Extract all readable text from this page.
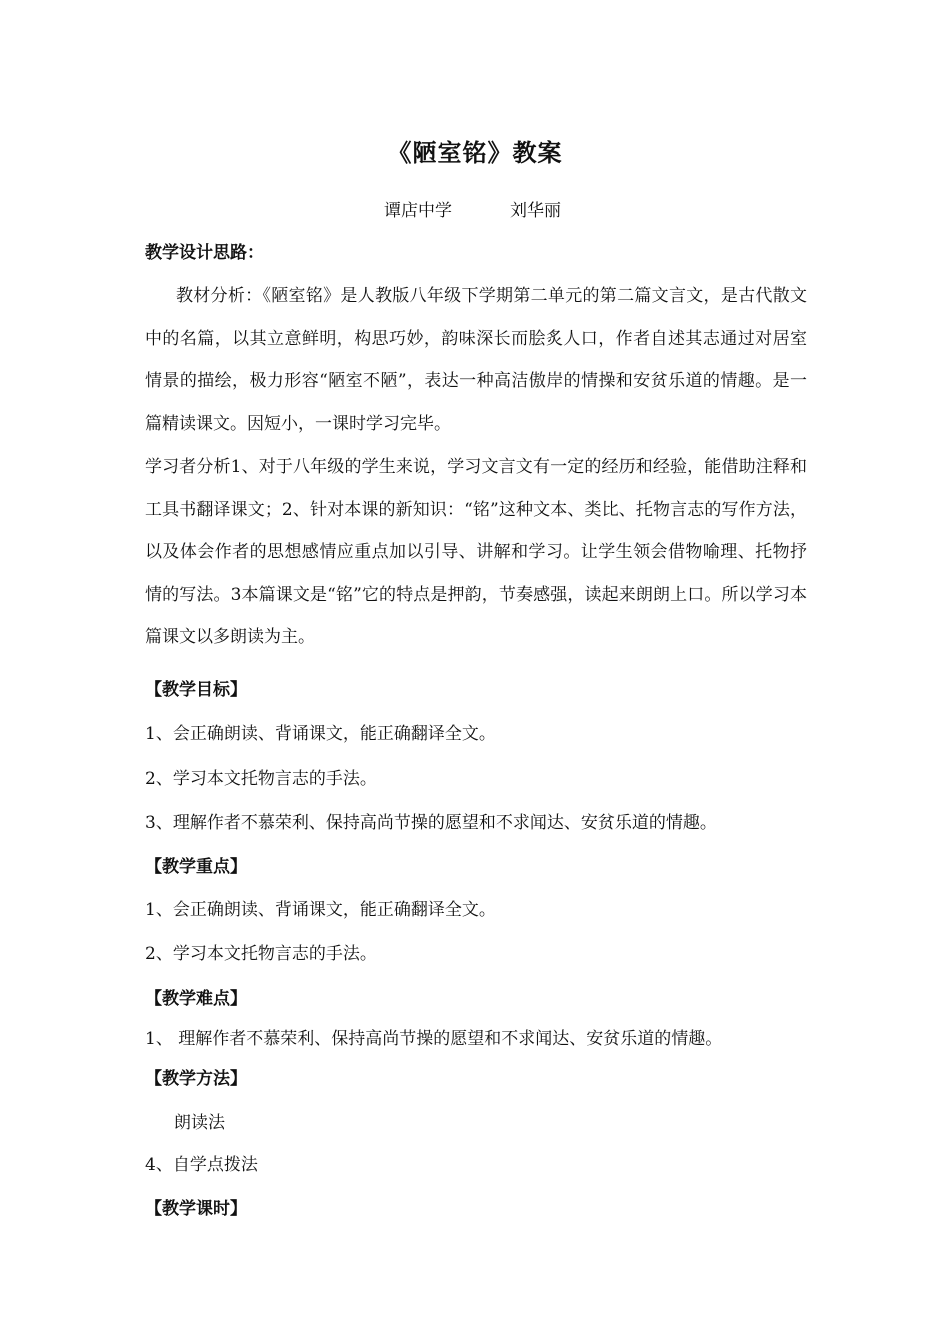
《陋室铭》教案
谭店中学	刘华丽
教学设计思路：
教材分析：《陋室铭》是人教版八年级下学期第二单元的第二篇文言文，是古代散文中的名篇，以其立意鲜明，构思巧妙，韵味深长而脍炙人口，作者自述其志通过对居室情景的描绘，极力形容“陋室不陋”，表达一种高洁傲岸的情操和安贫乐道的情趣。是一篇精读课文。因短小，一课时学习完毕。
学习者分析1、对于八年级的学生来说，学习文言文有一定的经历和经验，能借助注释和工具书翻译课文；2、针对本课的新知识：“铭”这种文本、类比、托物言志的写作方法，以及体会作者的思想感情应重点加以引导、讲解和学习。让学生领会借物喻理、托物抒情的写法。3本篇课文是“铭”它的特点是押韵，节奏感强，读起来朗朗上口。所以学习本篇课文以多朗读为主。
【教学目标】
1、会正确朗读、背诵课文，能正确翻译全文。
2、学习本文托物言志的手法。
3、理解作者不慕荣利、保持高尚节操的愿望和不求闻达、安贫乐道的情趣。
【教学重点】
1、会正确朗读、背诵课文，能正确翻译全文。
2、学习本文托物言志的手法。
【教学难点】
1、 理解作者不慕荣利、保持高尚节操的愿望和不求闻达、安贫乐道的情趣。
【教学方法】
朗读法
4、自学点拨法
【教学课时】
